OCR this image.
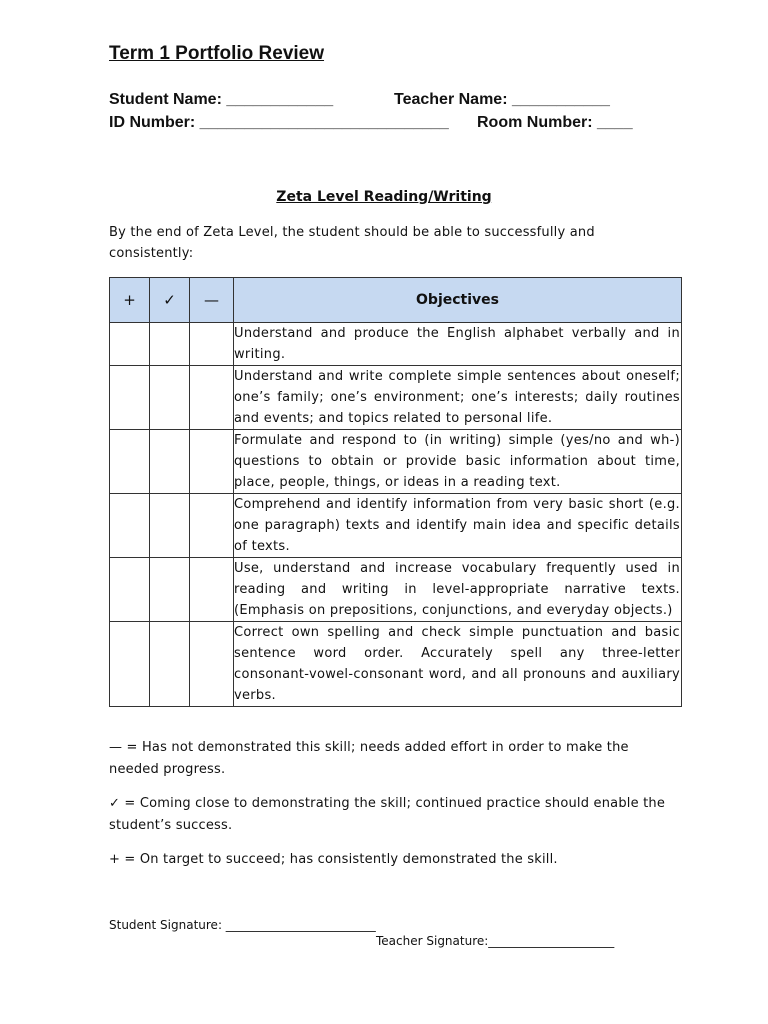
Term 1 Portfolio Review
Student Name: ____________	Teacher Name: ___________
ID Number: ____________________________ Room Number: ____
Zeta Level Reading/Writing
By the end of Zeta Level, the student should be able to successfully and consistently:
+	✓	—	Objectives
			Understand and produce the English alphabet verbally and in writing.
			Understand and write complete simple sentences about oneself; one’s family; one’s environment; one’s interests; daily routines and events; and topics related to personal life.
			Formulate and respond to (in writing) simple (yes/no and wh-) questions to obtain or provide basic information about time, place, people, things, or ideas in a reading text.
			Comprehend and identify information from very basic short (e.g. one paragraph) texts and identify main idea and specific details of texts.
			Use, understand and increase vocabulary frequently used in reading and writing in level-appropriate narrative texts. (Emphasis on prepositions, conjunctions, and everyday objects.)
			Correct own spelling and check simple punctuation and basic sentence word order. Accurately spell any three-letter consonant-vowel-consonant word, and all pronouns and auxiliary verbs.
— = Has not demonstrated this skill; needs added effort in order to make the needed progress.
✓ = Coming close to demonstrating the skill; continued practice should enable the student’s success.
+ = On target to succeed; has consistently demonstrated the skill.
Student Signature: _________________________
Teacher Signature:_____________________
